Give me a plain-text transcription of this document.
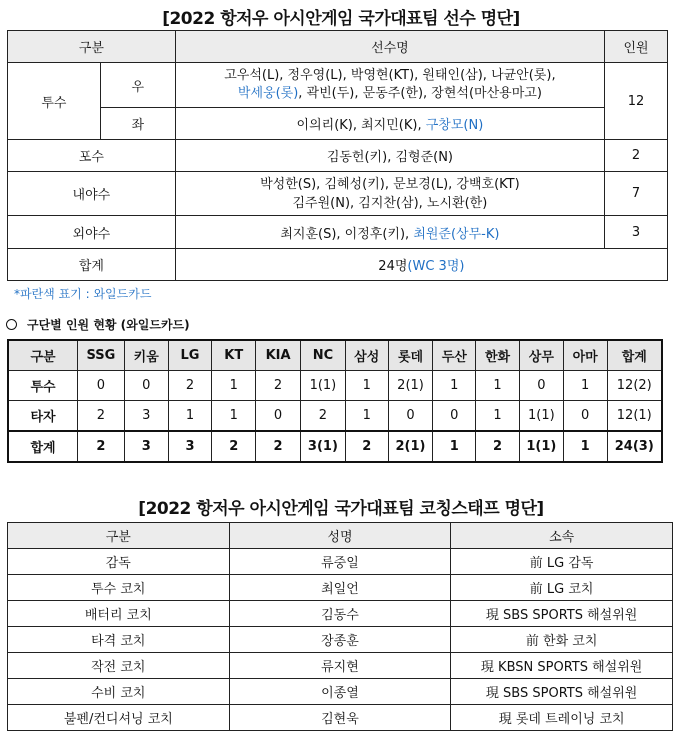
[2022 항저우 아시안게임 국가대표팀 선수 명단]
구분		선수명	인원
투수	우	고우석(L), 정우영(L), 박영현(KT), 원태인(삼), 나균안(롯),
박세웅(롯), 곽빈(두), 문동주(한), 장현석(마산용마고)	12
	좌	이의리(K), 최지민(K), 구창모(N)	
포수		김동헌(키), 김형준(N)	2
내야수		박성한(S), 김혜성(키), 문보경(L), 강백호(KT)
김주원(N), 김지찬(삼), 노시환(한)	7
외야수		최지훈(S), 이정후(키), 최원준(상무-K)	3
합계		24명(WC 3명)	
*파란색 표기 : 와일드카드
구단별 인원 현황 (와일드카드)
구분	SSG	키움	LG	KT	KIA	NC	삼성	롯데	두산	한화	상무	아마	합계
투수	0	0	2	1	2	1(1)	1	2(1)	1	1	0	1	12(2)
타자	2	3	1	1	0	2	1	0	0	1	1(1)	0	12(1)
합계	2	3	3	2	2	3(1)	2	2(1)	1	2	1(1)	1	24(3)
[2022 항저우 아시안게임 국가대표팀 코칭스태프 명단]
구분	성명	소속
감독	류중일	前 LG 감독
투수 코치	최일언	前 LG 코치
배터리 코치	김동수	現 SBS SPORTS 해설위원
타격 코치	장종훈	前 한화 코치
작전 코치	류지현	現 KBSN SPORTS 해설위원
수비 코치	이종열	現 SBS SPORTS 해설위원
불펜/컨디셔닝 코치	김현욱	現 롯데 트레이닝 코치
